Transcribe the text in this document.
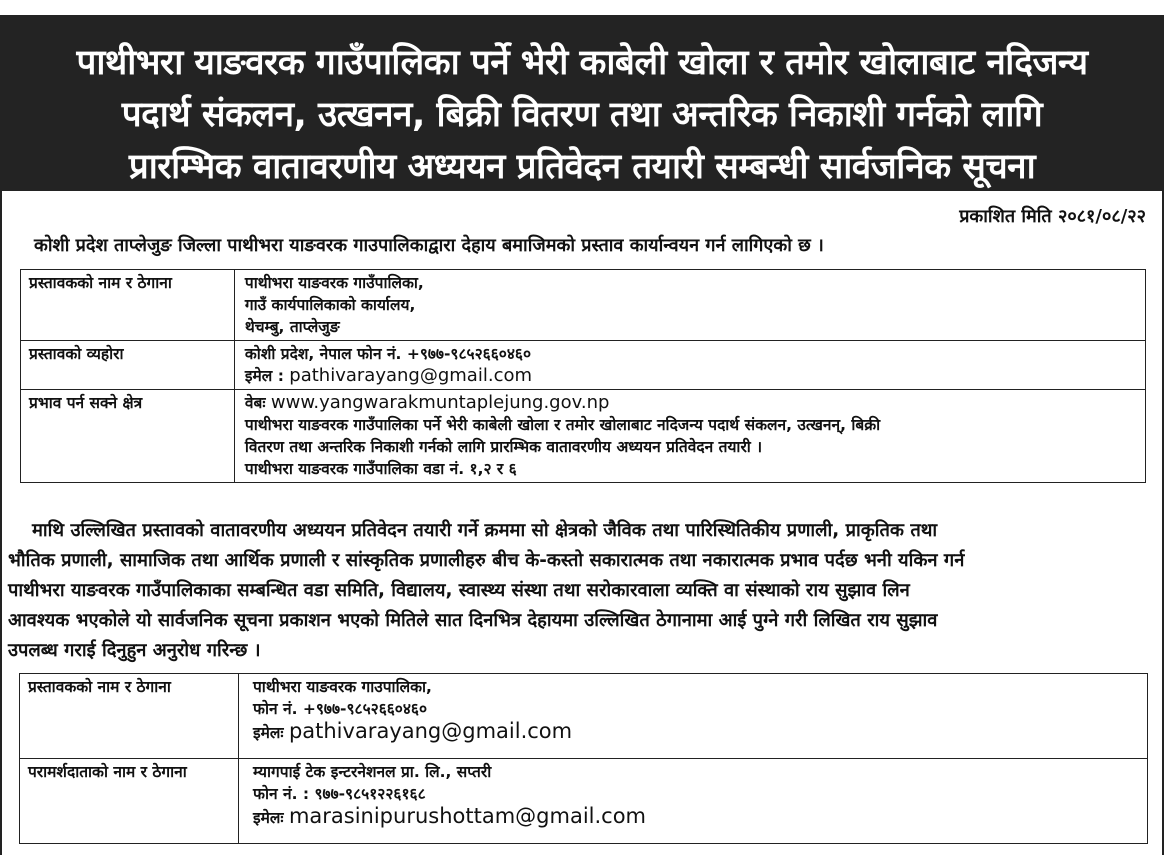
पाथीभरा याङवरक गाउँपालिका पर्ने भेरी काबेली खोला र तमोर खोलाबाट नदिजन्य
पदार्थ संकलन, उत्खनन, बिक्री वितरण तथा अन्तरिक निकाशी गर्नको लागि
प्रारम्भिक वातावरणीय अध्ययन प्रतिवेदन तयारी सम्बन्धी सार्वजनिक सूचना
प्रकाशित मिति २०८१/०८/२२
कोशी प्रदेश ताप्लेजुङ जिल्ला पाथीभरा याङवरक गाउपालिकाद्वारा देहाय बमाजिमको प्रस्ताव कार्यान्वयन गर्न लागिएको छ ।
प्रस्तावकको नाम र ठेगाना	पाथीभरा याङवरक गाउँपालिका,
गाउँ कार्यपालिकाको कार्यालय,
थेचम्बु, ताप्लेजुङ

प्रस्तावको व्यहोरा	कोशी प्रदेश, नेपाल फोन नं. +९७७-९८५२६६०४६०
इमेल : pathivarayang@gmail.com

प्रभाव पर्न सक्ने क्षेत्र	वेबः www.yangwarakmuntaplejung.gov.np
पाथीभरा याङवरक गाउँपालिका पर्ने भेरी काबेली खोला र तमोर खोलाबाट नदिजन्य पदार्थ संकलन, उत्खनन्, बिक्री
वितरण तथा अन्तरिक निकाशी गर्नको लागि प्रारम्भिक वातावरणीय अध्ययन प्रतिवेदन तयारी ।
पाथीभरा याङवरक गाउँपालिका वडा नं. १,२ र ६
माथि उल्लिखित प्रस्तावको वातावरणीय अध्ययन प्रतिवेदन तयारी गर्ने क्रममा सो क्षेत्रको जैविक तथा पारिस्थितिकीय प्रणाली, प्राकृतिक तथा
भौतिक प्रणाली, सामाजिक तथा आर्थिक प्रणाली र सांस्कृतिक प्रणालीहरु बीच के-कस्तो सकारात्मक तथा नकारात्मक प्रभाव पर्दछ भनी यकिन गर्न
पाथीभरा याङवरक गाउँपालिकाका सम्बन्धित वडा समिति, विद्यालय, स्वास्थ्य संस्था तथा सरोकारवाला व्यक्ति वा संस्थाको राय सुझाव लिन
आवश्यक भएकोले यो सार्वजनिक सूचना प्रकाशन भएको मितिले सात दिनभित्र देहायमा उल्लिखित ठेगानामा आई पुग्ने गरी लिखित राय सुझाव
उपलब्ध गराई दिनुहुन अनुरोध गरिन्छ ।
प्रस्तावकको नाम र ठेगाना	पाथीभरा याङवरक गाउपालिका,
फोन नं. +९७७-९८५२६६०४६०
इमेलः pathivarayang@gmail.com

परामर्शदाताको नाम र ठेगाना	म्यागपाई टेक इन्टरनेशनल प्रा. लि., सप्तरी
फोन नं. : ९७७-९८५१२२६१६८
इमेलः marasinipurushottam@gmail.com
